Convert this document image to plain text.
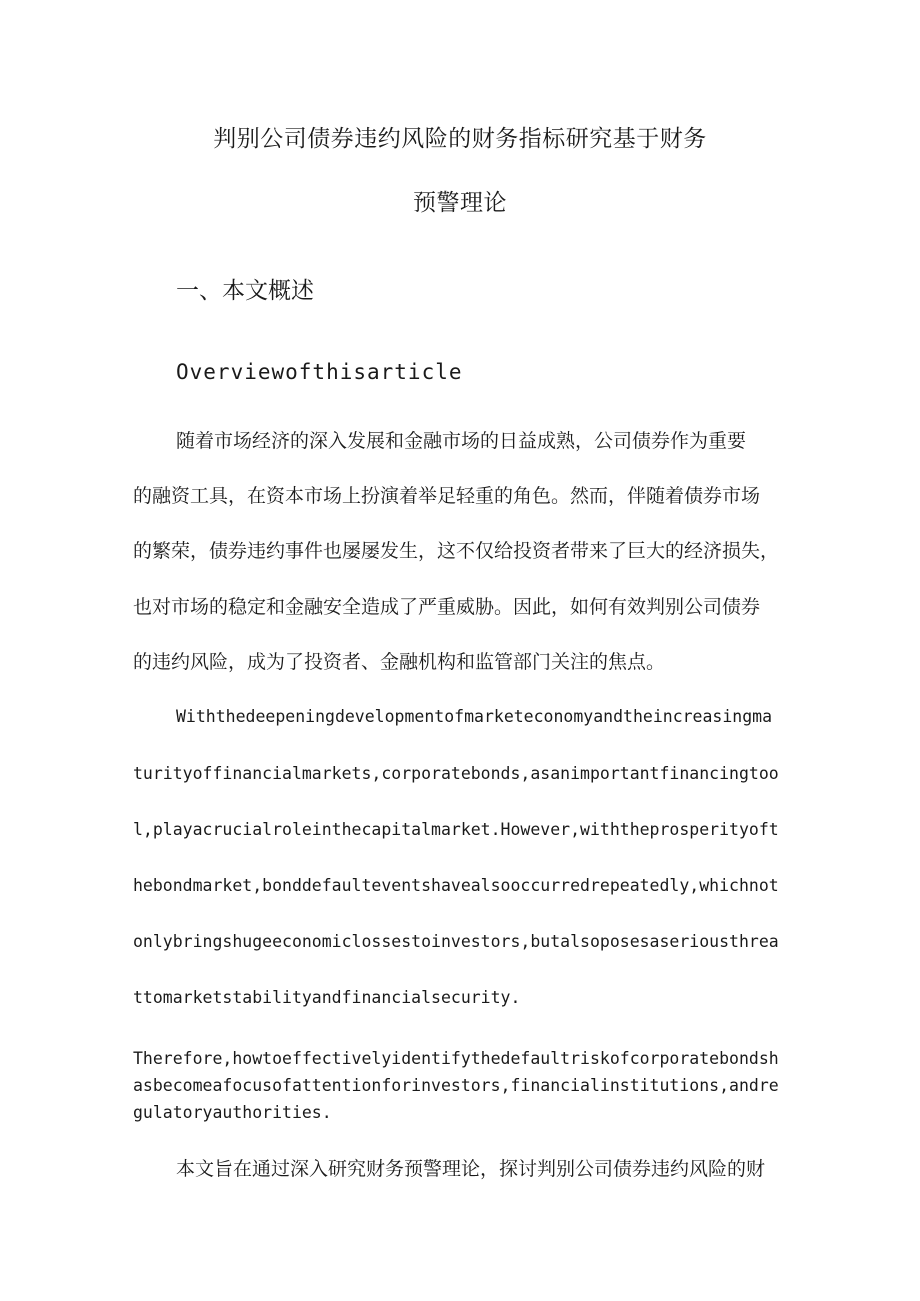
判别公司债券违约风险的财务指标研究基于财务
预警理论
一、本文概述
Overviewofthisarticle
随着市场经济的深入发展和金融市场的日益成熟，公司债券作为重要
的融资工具，在资本市场上扮演着举足轻重的角色。然而，伴随着债券市场
的繁荣，债券违约事件也屡屡发生，这不仅给投资者带来了巨大的经济损失，
也对市场的稳定和金融安全造成了严重威胁。因此，如何有效判别公司债券
的违约风险，成为了投资者、金融机构和监管部门关注的焦点。
Withthedeepeningdevelopmentofmarketeconomyandtheincreasingma
turityoffinancialmarkets,corporatebonds,asanimportantfinancingtoo
l,playacrucialroleinthecapitalmarket.However,withtheprosperityoft
hebondmarket,bonddefaulteventshavealsooccurredrepeatedly,whichnot
onlybringshugeeconomiclossestoinvestors,butalsoposesaseriousthrea
ttomarketstabilityandfinancialsecurity.
Therefore,howtoeffectivelyidentifythedefaultriskofcorporatebondsh
asbecomeafocusofattentionforinvestors,financialinstitutions,andre
gulatoryauthorities.
本文旨在通过深入研究财务预警理论，探讨判别公司债券违约风险的财
